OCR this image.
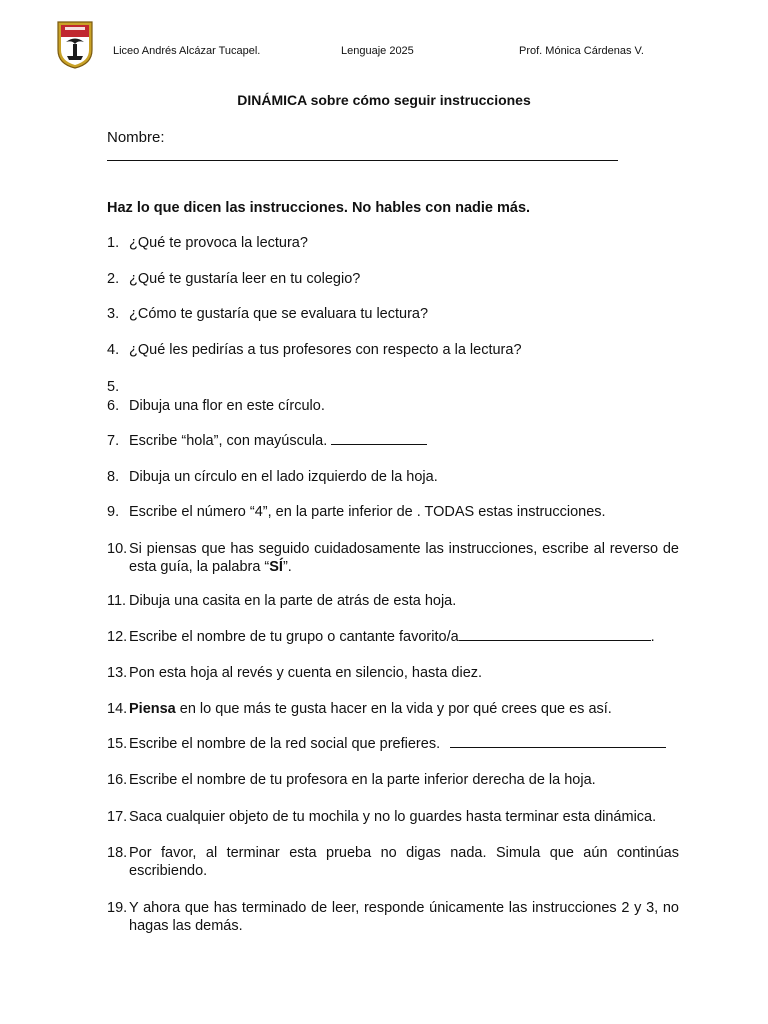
Liceo Andrés Alcázar Tucapel.	Lenguaje 2025	Prof. Mónica Cárdenas V.
DINÁMICA sobre cómo seguir instrucciones
Nombre:
Haz lo que dicen las instrucciones. No hables con nadie más.
1. ¿Qué te provoca la lectura?
2. ¿Qué te gustaría leer en tu colegio?
3. ¿Cómo te gustaría que se evaluara tu lectura?
4. ¿Qué les pedirías a tus profesores con respecto a la lectura?
5.
6. Dibuja una flor en este círculo.
7. Escribe “hola”, con mayúscula.
8. Dibuja un círculo en el lado izquierdo de la hoja.
9. Escribe el número “4”, en la parte inferior de . TODAS estas instrucciones.
10. Si piensas que has seguido cuidadosamente las instrucciones, escribe al reverso de esta guía, la palabra “SÍ”.
11. Dibuja una casita en la parte de atrás de esta hoja.
12. Escribe el nombre de tu grupo o cantante favorito/a	.
13. Pon esta hoja al revés y cuenta en silencio, hasta diez.
14. Piensa en lo que más te gusta hacer en la vida y por qué crees que es así.
15. Escribe el nombre de la red social que prefieres.
16. Escribe el nombre de tu profesora en la parte inferior derecha de la hoja.
17. Saca cualquier objeto de tu mochila y no lo guardes hasta terminar esta dinámica.
18. Por favor, al terminar esta prueba no digas nada. Simula que aún continúas escribiendo.
19. Y ahora que has terminado de leer, responde únicamente las instrucciones 2 y 3, no hagas las demás.
